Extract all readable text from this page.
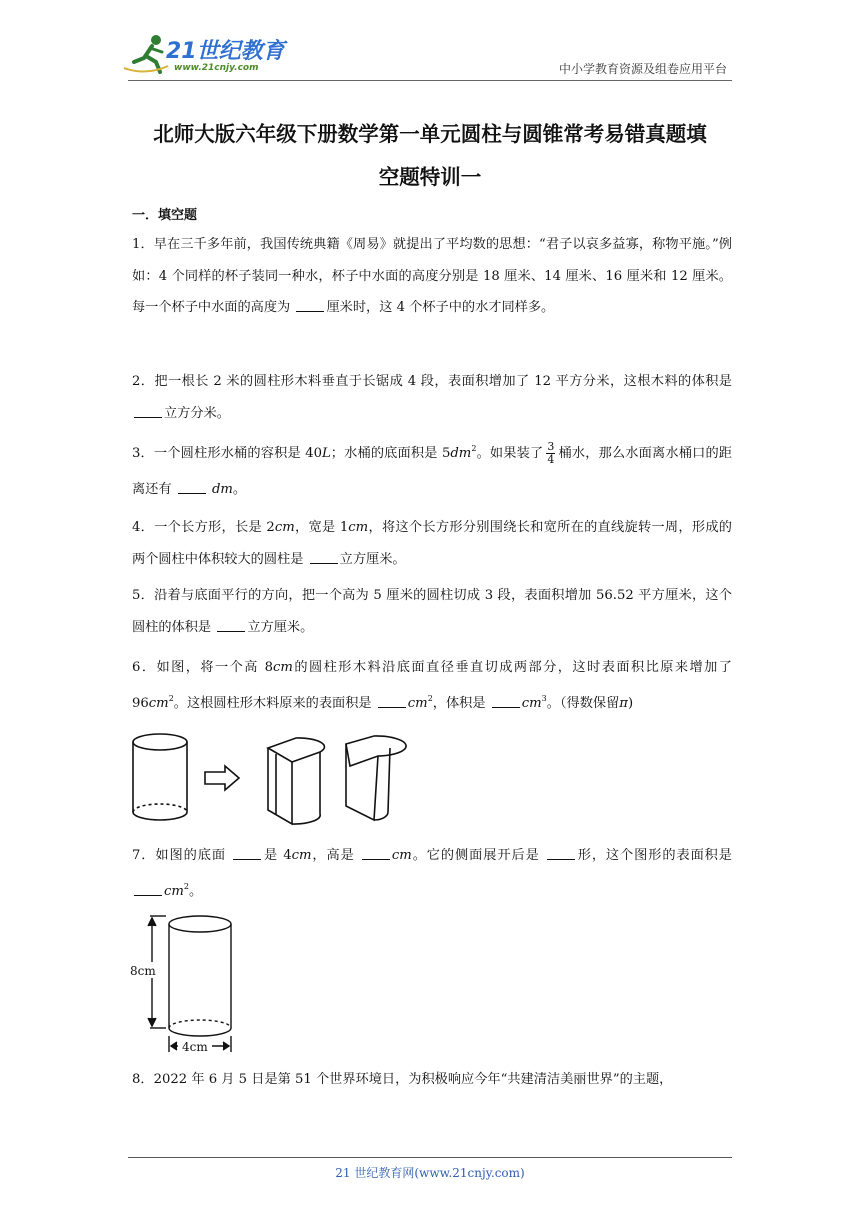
21世纪教育
www.21cnjy.com	中小学教育资源及组卷应用平台
北师大版六年级下册数学第一单元圆柱与圆锥常考易错真题填
空题特训一
一．填空题
1．早在三千多年前，我国传统典籍《周易》就提出了平均数的思想：“君子以哀多益寡，称物平施。”例如：4 个同样的杯子装同一种水，杯子中水面的高度分别是 18 厘米、14 厘米、16 厘米和 12 厘米。每一个杯子中水面的高度为 厘米时，这 4 个杯子中的水才同样多。
2．把一根长 2 米的圆柱形木料垂直于长锯成 4 段，表面积增加了 12 平方分米，这根木料的体积是 立方分米。
3．一个圆柱形水桶的容积是 40L；水桶的底面积是 $5dm^2$。如果装了 $\frac{3}{4}$ 桶水，那么水面离水桶口的距离还有	dm。
4．一个长方形，长是 2cm，宽是 1cm，将这个长方形分别围绕长和宽所在的直线旋转一周，形成的两个圆柱中体积较大的圆柱是 立方厘米。
5．沿着与底面平行的方向，把一个高为 5 厘米的圆柱切成 3 段，表面积增加 56.52 平方厘米，这个圆柱的体积是 立方厘米。
6．如图，将一个高 8cm的圆柱形木料沿底面直径垂直切成两部分，这时表面积比原来增加了 $96cm^2$。这根圆柱形木料原来的表面积是 $cm^2$，体积是 $cm^3$。（得数保留π)
7．如图的底面 是 4cm，高是 cm。它的侧面展开后是 形，这个图形的表面积是 $cm^2$。
8cm
4cm
8．2022 年 6 月 5 日是第 51 个世界环境日，为积极响应今年“共建清洁美丽世界”的主题，
21 世纪教育网(www.21cnjy.com)
